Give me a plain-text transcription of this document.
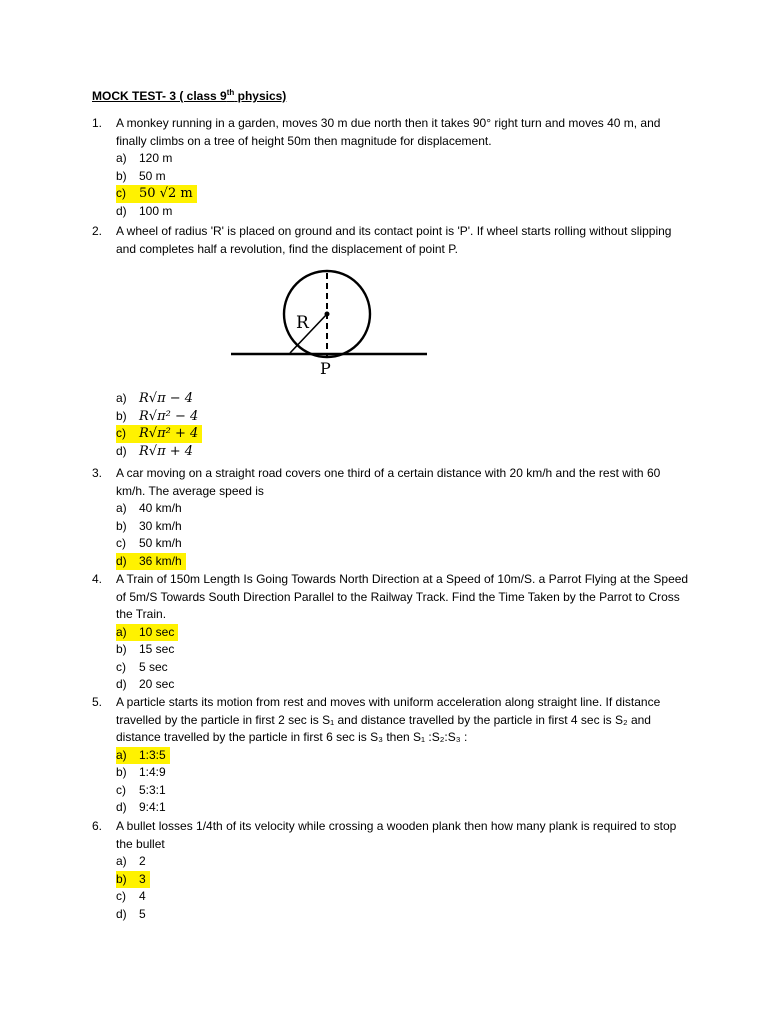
MOCK TEST- 3 ( class 9th physics)
1.	A monkey running in a garden, moves 30 m due north then it takes 90° right turn and moves 40 m, and finally climbs on a tree of height 50m then magnitude for displacement.
a) 120 m
b) 50 m
c) 50 √2 m
d) 100 m
2.	A wheel of radius 'R' is placed on ground and its contact point is 'P'. If wheel starts rolling without slipping and completes half a revolution, find the displacement of point P.
R
P
a) R√π − 4
b) R√π² − 4
c) R√π² + 4
d) R√π + 4
3.	A car moving on a straight road covers one third of a certain distance with 20 km/h and the rest with 60 km/h. The average speed is
a) 40 km/h
b) 30 km/h
c) 50 km/h
d) 36 km/h
4.	A Train of 150m Length Is Going Towards North Direction at a Speed of 10m/S. a Parrot Flying at the Speed of 5m/S Towards South Direction Parallel to the Railway Track. Find the Time Taken by the Parrot to Cross the Train.
a) 10 sec
b) 15 sec
c) 5 sec
d) 20 sec
5.	A particle starts its motion from rest and moves with uniform acceleration along straight line. If distance travelled by the particle in first 2 sec is S₁ and distance travelled by the particle in first 4 sec is S₂ and distance travelled by the particle in first 6 sec is S₃ then S₁ :S₂:S₃ :
a) 1:3:5
b) 1:4:9
c) 5:3:1
d) 9:4:1
6.	A bullet losses 1/4th of its velocity while crossing a wooden plank then how many plank is required to stop the bullet
a) 2
b) 3
c) 4
d) 5
